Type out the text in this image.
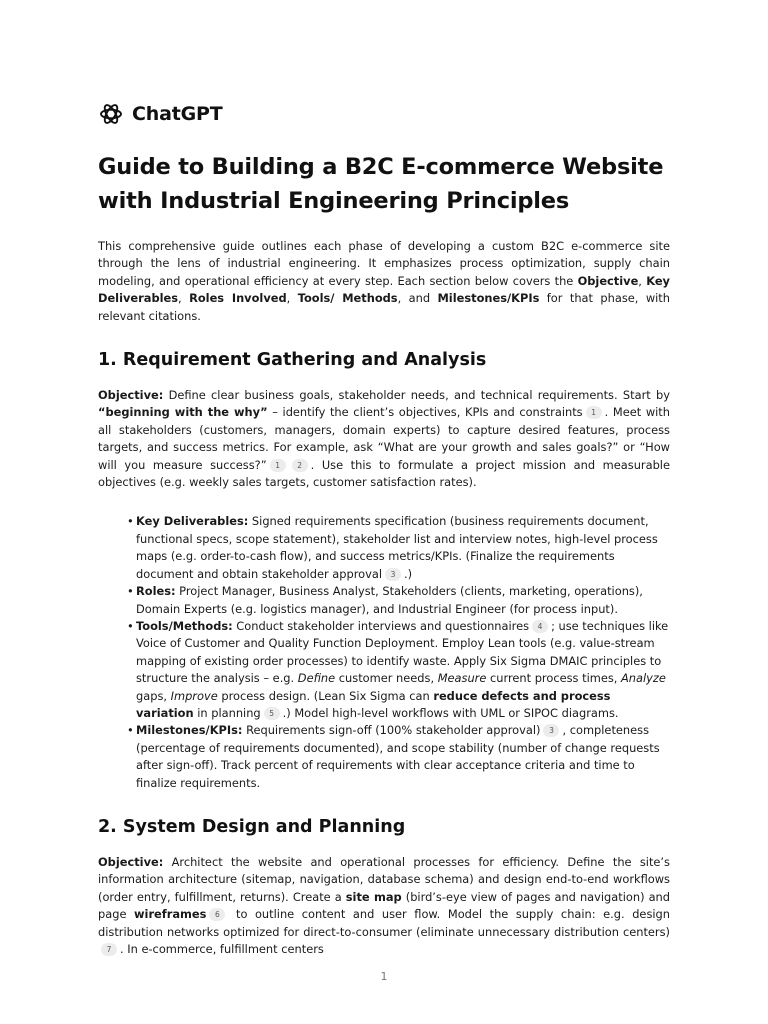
ChatGPT
Guide to Building a B2C E-commerce Website with Industrial Engineering Principles

This comprehensive guide outlines each phase of developing a custom B2C e-commerce site through the lens of industrial engineering. It emphasizes process optimization, supply chain modeling, and operational efficiency at every step. Each section below covers the Objective, Key Deliverables, Roles Involved, Tools/ Methods, and Milestones/KPIs for that phase, with relevant citations.

1. Requirement Gathering and Analysis

Objective: Define clear business goals, stakeholder needs, and technical requirements. Start by “beginning with the why” – identify the client’s objectives, KPIs and constraints 1 . Meet with all stakeholders (customers, managers, domain experts) to capture desired features, process targets, and success metrics. For example, ask “What are your growth and sales goals?” or “How will you measure success?” 1 2 . Use this to formulate a project mission and measurable objectives (e.g. weekly sales targets, customer satisfaction rates).

• Key Deliverables: Signed requirements specification (business requirements document, functional specs, scope statement), stakeholder list and interview notes, high-level process maps (e.g. order-to-cash flow), and success metrics/KPIs. (Finalize the requirements document and obtain stakeholder approval 3 .)
• Roles: Project Manager, Business Analyst, Stakeholders (clients, marketing, operations), Domain Experts (e.g. logistics manager), and Industrial Engineer (for process input).
• Tools/Methods: Conduct stakeholder interviews and questionnaires 4 ; use techniques like Voice of Customer and Quality Function Deployment. Employ Lean tools (e.g. value-stream mapping of existing order processes) to identify waste. Apply Six Sigma DMAIC principles to structure the analysis – e.g. Define customer needs, Measure current process times, Analyze gaps, Improve process design. (Lean Six Sigma can reduce defects and process variation in planning 5 .) Model high-level workflows with UML or SIPOC diagrams.
• Milestones/KPIs: Requirements sign-off (100% stakeholder approval) 3 , completeness (percentage of requirements documented), and scope stability (number of change requests after sign-off). Track percent of requirements with clear acceptance criteria and time to finalize requirements.
2. System Design and Planning

Objective: Architect the website and operational processes for efficiency. Define the site’s information architecture (sitemap, navigation, database schema) and design end-to-end workflows (order entry, fulfillment, returns). Create a site map (bird’s-eye view of pages and navigation) and page wireframes 6 to outline content and user flow. Model the supply chain: e.g. design distribution networks optimized for direct-to-consumer (eliminate unnecessary distribution centers)7 . In e-commerce, fulfillment centers

1
